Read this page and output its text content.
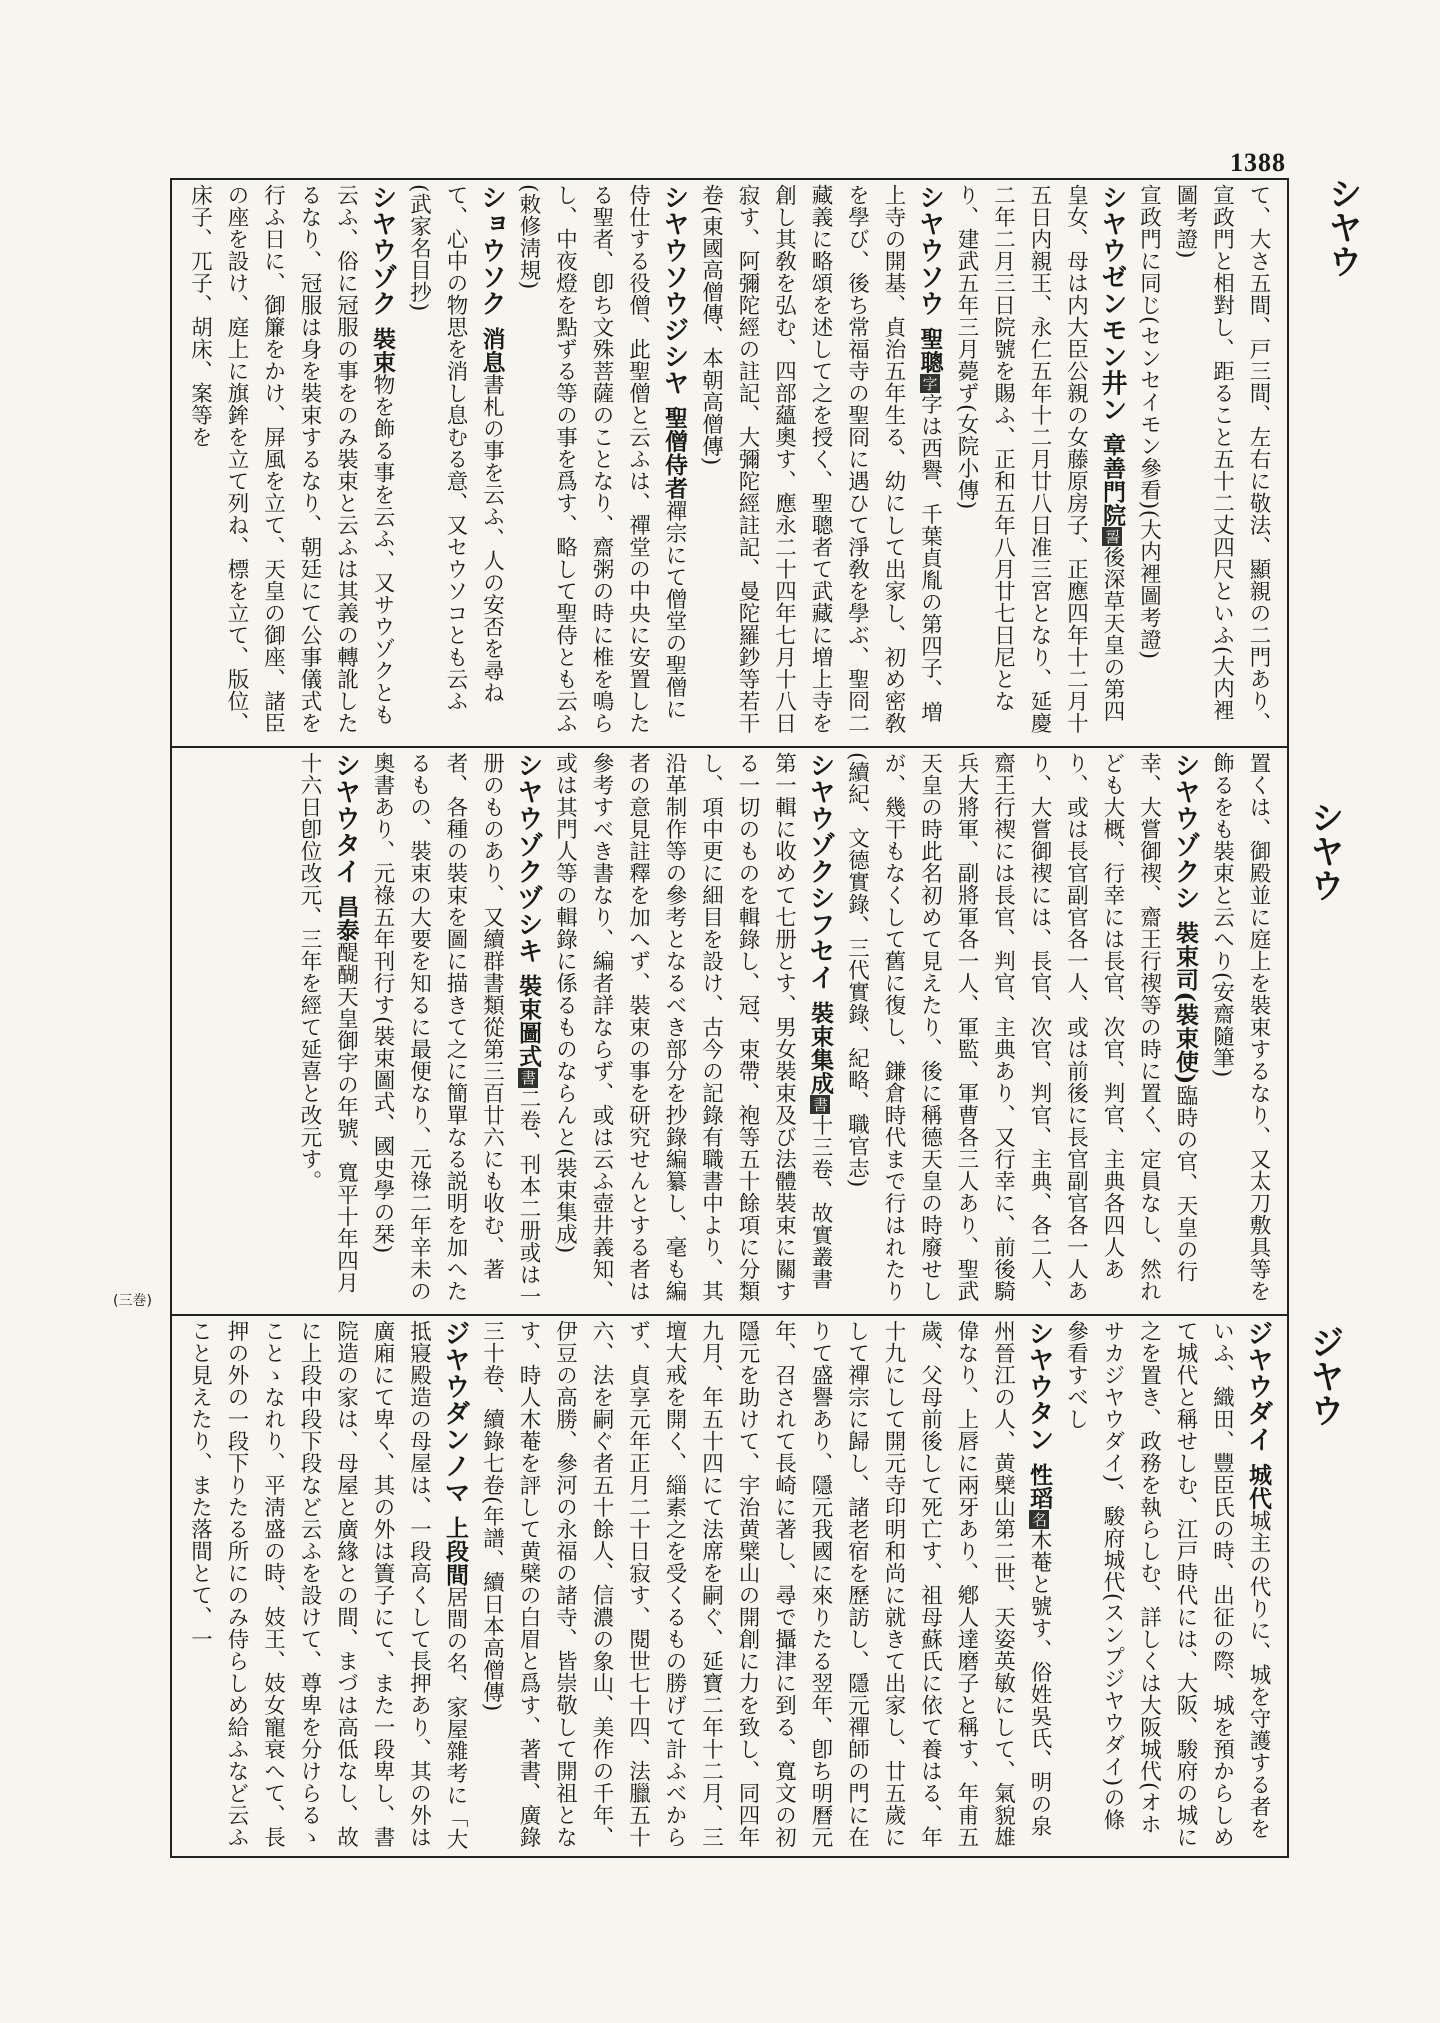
1388
シヤウ
シヤウ
ジヤウ
(三巻)
て、大さ五間、戸三間、左右に敬法、顯親の二門あり、宣政門と相對し、距ること五十二丈四尺といふ(大内裡圖考證)
宣政門に同じ(センセイモン參看)(大内裡圖考證)
シヤウゼンモン井ン章善門院䛐後深草天皇の第四皇女、母は内大臣公親の女藤原房子、正應四年十二月十五日内親王、永仁五年十二月廿八日准三宮となり、延慶二年二月三日院號を賜ふ、正和五年八月廿七日尼となり、建武五年三月薨ず(女院小傳)
シヤウソウ聖聰字字は西譽、千葉貞胤の第四子、増上寺の開基、貞治五年生る、幼にして出家し、初め密敎を學び、後ち常福寺の聖冏に遇ひて淨敎を學ぶ、聖冏二藏義に略頌を述して之を授く、聖聰者て武藏に増上寺を創し其敎を弘む、四部蘊奧す、應永二十四年七月十八日寂す、阿彌陀經の註記、大彌陀經註記、曼陀羅鈔等若干卷(東國高僧傳、本朝高僧傳)
シヤウソウジシヤ聖僧侍者禪宗にて僧堂の聖僧に侍仕する役僧、此聖僧と云ふは、禪堂の中央に安置したる聖者、卽ち文殊菩薩のことなり、齋粥の時に椎を鳴らし、中夜燈を點ずる等の事を爲す、略して聖侍とも云ふ(敕修淸規)
ショウソク消息書札の事を云ふ、人の安否を尋ねて、心中の物思を消し息むる意、又セウソコとも云ふ(武家名目抄)
シヤウゾク裝束物を飾る事を云ふ、又サウゾクとも云ふ、俗に冠服の事をのみ裝束と云ふは其義の轉訛したるなり、冠服は身を裝束するなり、朝廷にて公事儀式を行ふ日に、御簾をかけ、屏風を立て、天皇の御座、諸臣の座を設け、庭上に旗鉾を立て列ね、標を立て、版位、床子、兀子、胡床、案等を
置くは、御殿並に庭上を裝束するなり、又太刀敷具等を飾るをも裝束と云へり(安齋隨筆)
シヤウゾクシ裝束司(裝束使)臨時の官、天皇の行幸、大嘗御禊、齋王行禊等の時に置く、定員なし、然れども大概、行幸には長官、次官、判官、主典各四人あり、或は長官副官各一人、或は前後に長官副官各一人あり、大嘗御禊には、長官、次官、判官、主典、各二人、齋王行禊には長官、判官、主典あり、又行幸に、前後騎兵大將軍、副將軍各一人、軍監、軍曹各三人あり、聖武天皇の時此名初めて見えたり、後に稱德天皇の時廢せしが、幾干もなくして舊に復し、鎌倉時代まで行はれたり(續紀、文德實錄、三代實錄、紀略、職官志)
シヤウゾクシフセイ裝束集成書十三卷、故實叢書第一輯に收めて七册とす、男女裝束及び法體裝束に關する一切のものを輯錄し、冠、束帶、袍等五十餘項に分類し、項中更に細目を設け、古今の記錄有職書中より、其沿革制作等の參考となるべき部分を抄錄編纂し、毫も編者の意見註釋を加へず、裝束の事を研究せんとする者は參考すべき書なり、編者詳ならず、或は云ふ壺井義知、或は其門人等の輯錄に係るものならんと(裝束集成)
シヤウゾクヅシキ裝束圖式書二卷、刊本二册或は一册のものあり、又續群書類從第三百廿六にも收む、著者、各種の裝束を圖に描きて之に簡單なる説明を加へたるもの、裝束の大要を知るに最便なり、元祿二年辛未の奧書あり、元祿五年刊行す(裝束圖式、國史學の栞)
シヤウタイ昌泰醍醐天皇御宇の年號、寬平十年四月十六日卽位改元、三年を經て延喜と改元す。
ジヤウダイ城代城主の代りに、城を守護する者をいふ、織田、豐臣氏の時、出征の際、城を預からしめて城代と稱せしむ、江戸時代には、大阪、駿府の城に之を置き、政務を執らしむ、詳しくは大阪城代(オホサカジヤウダイ)、駿府城代(スンプジヤウダイ)の條參看すべし
シヤウタン性瑫名木菴と號す、俗姓吳氏、明の泉州晉江の人、黄檗山第二世、天姿英敏にして、氣貌雄偉なり、上唇に兩牙あり、鄕人達磨子と稱す、年甫五歲、父母前後して死亡す、祖母蘇氏に依て養はる、年十九にして開元寺印明和尚に就きて出家し、廿五歲にして禪宗に歸し、諸老宿を歷訪し、隱元禪師の門に在りて盛譽あり、隱元我國に來りたる翌年、卽ち明曆元年、召されて長崎に著し、尋で攝津に到る、寬文の初隱元を助けて、宇治黄檗山の開創に力を致し、同四年九月、年五十四にて法席を嗣ぐ、延寶二年十二月、三壇大戒を開く、緇素之を受くるもの勝げて計ふべからず、貞享元年正月二十日寂す、閱世七十四、法臘五十六、法を嗣ぐ者五十餘人、信濃の象山、美作の千年、伊豆の高勝、參河の永福の諸寺、皆崇敬して開祖となす、時人木菴を評して黄檗の白眉と爲す、著書、廣錄三十卷、續錄七卷(年譜、續日本高僧傳)
ジヤウダンノマ上段間居間の名、家屋雜考に「大抵寢殿造の母屋は、一段高くして長押あり、其の外は廣廂にて卑く、其の外は簀子にて、また一段卑し、書院造の家は、母屋と廣緣との間、まづは高低なし、故に上段中段下段など云ふを設けて、尊卑を分けらるゝことゝなれり、平淸盛の時、妓王、妓女寵衰へて、長押の外の一段下りたる所にのみ侍らしめ給ふなど云ふこと見えたり、また落間とて、一
